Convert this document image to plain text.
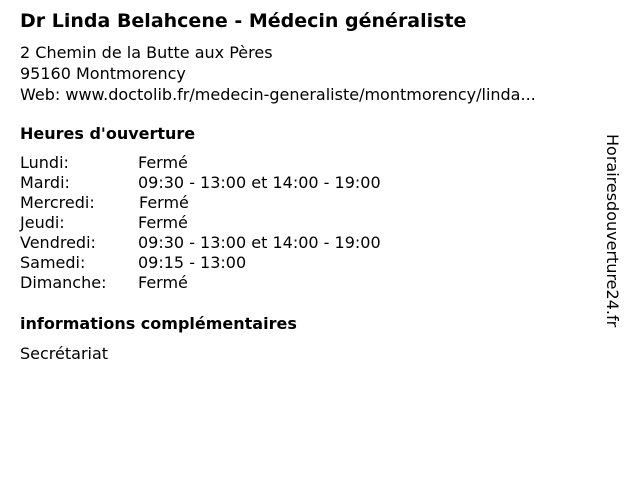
Dr Linda Belahcene - Médecin généraliste
2 Chemin de la Butte aux Pères
95160 Montmorency
Web: www.doctolib.fr/medecin-generaliste/montmorency/linda...
Heures d'ouverture
Lundi:	Fermé
Mardi:	09:30 - 13:00 et 14:00 - 19:00
Mercredi:	Fermé
Jeudi:	Fermé
Vendredi:	09:30 - 13:00 et 14:00 - 19:00
Samedi:	09:15 - 13:00
Dimanche: Fermé
informations complémentaires
Secrétariat
Horairesdouverture24.fr
